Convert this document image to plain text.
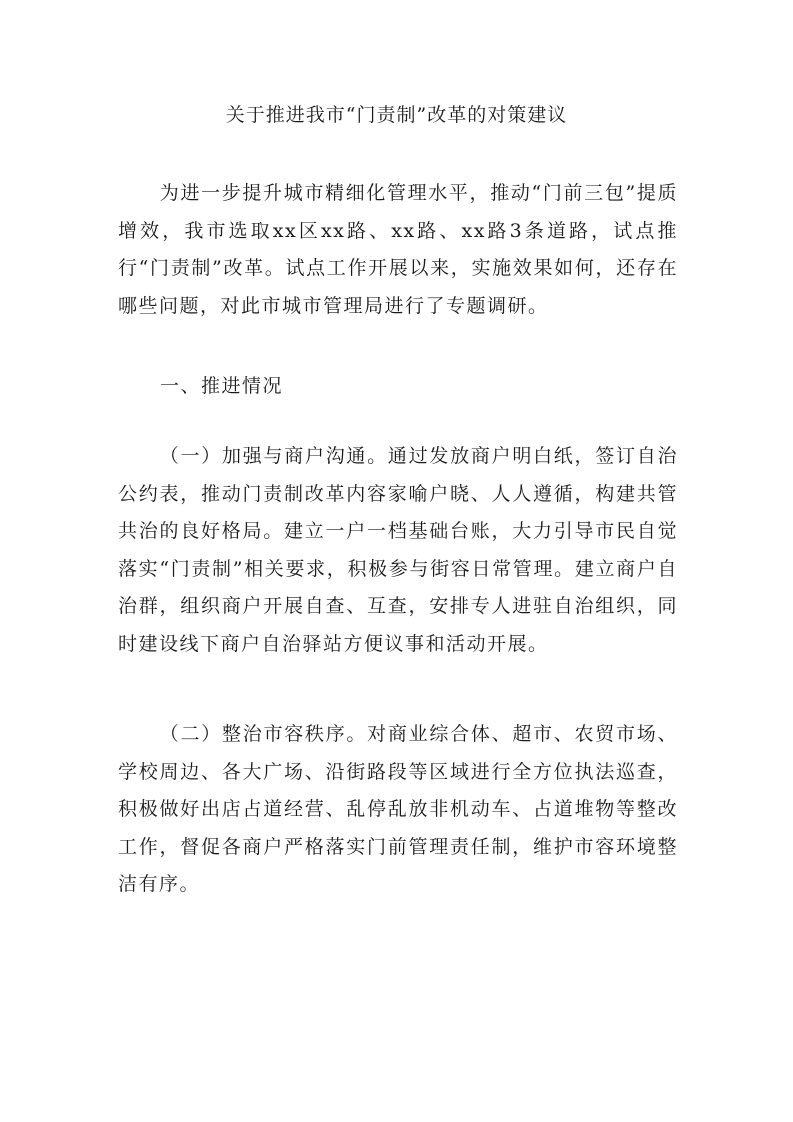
关于推进我市“门责制”改革的对策建议

为进一步提升城市精细化管理水平，推动“门前三包”提质增效，我市选取xx区xx路、xx路、xx路3条道路，试点推行“门责制”改革。试点工作开展以来，实施效果如何，还存在哪些问题，对此市城市管理局进行了专题调研。

一、推进情况

（一）加强与商户沟通。通过发放商户明白纸，签订自治公约表，推动门责制改革内容家喻户晓、人人遵循，构建共管共治的良好格局。建立一户一档基础台账，大力引导市民自觉落实“门责制”相关要求，积极参与街容日常管理。建立商户自治群，组织商户开展自查、互查，安排专人进驻自治组织，同时建设线下商户自治驿站方便议事和活动开展。

（二）整治市容秩序。对商业综合体、超市、农贸市场、学校周边、各大广场、沿街路段等区域进行全方位执法巡查，积极做好出店占道经营、乱停乱放非机动车、占道堆物等整改工作，督促各商户严格落实门前管理责任制，维护市容环境整洁有序。
